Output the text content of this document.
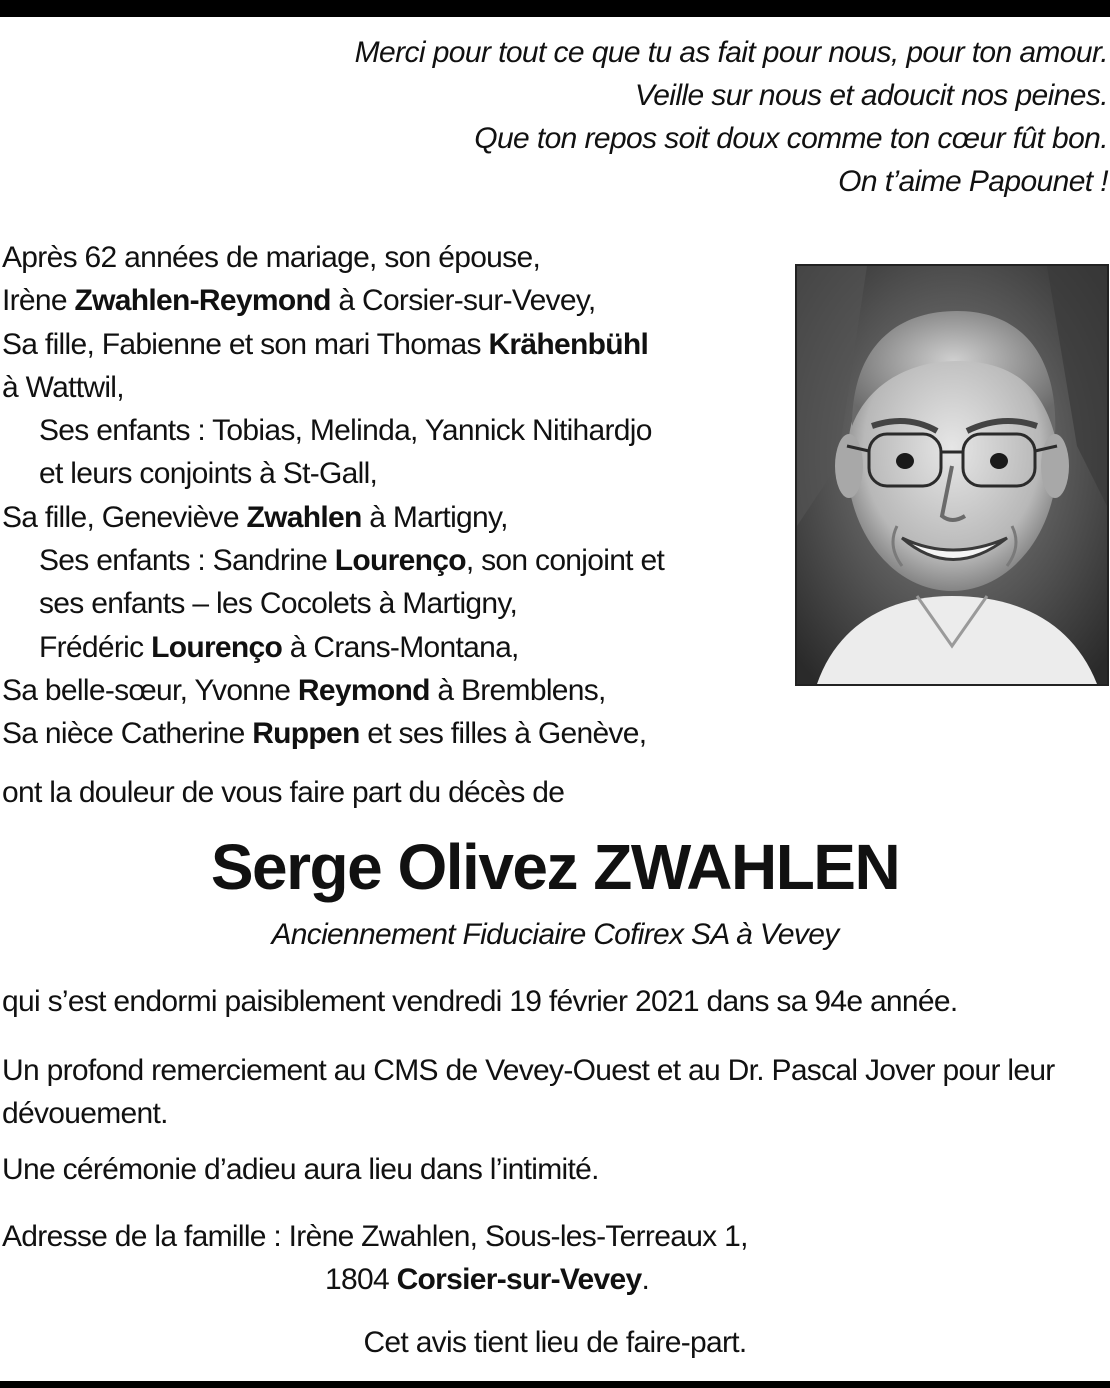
Merci pour tout ce que tu as fait pour nous, pour ton amour.
Veille sur nous et adoucit nos peines.
Que ton repos soit doux comme ton cœur fût bon.
On t’aime Papounet !
Après 62 années de mariage, son épouse,
Irène Zwahlen-Reymond à Corsier-sur-Vevey,
Sa fille, Fabienne et son mari Thomas Krähenbühl
à Wattwil,
Ses enfants : Tobias, Melinda, Yannick Nitihardjo
et leurs conjoints à St-Gall,
Sa fille, Geneviève Zwahlen à Martigny,
Ses enfants : Sandrine Lourenço, son conjoint et
ses enfants – les Cocolets à Martigny,
Frédéric Lourenço à Crans-Montana,
Sa belle-sœur, Yvonne Reymond à Bremblens,
Sa nièce Catherine Ruppen et ses filles à Genève,
ont la douleur de vous faire part du décès de
Serge Olivez ZWAHLEN
Anciennement Fiduciaire Cofirex SA à Vevey
qui s’est endormi paisiblement vendredi 19 février 2021 dans sa 94e année.
Un profond remerciement au CMS de Vevey-Ouest et au Dr. Pascal Jover pour leur dévouement.
Une cérémonie d’adieu aura lieu dans l’intimité.
Adresse de la famille : Irène Zwahlen, Sous-les-Terreaux 1,
1804 Corsier-sur-Vevey.
Cet avis tient lieu de faire-part.
